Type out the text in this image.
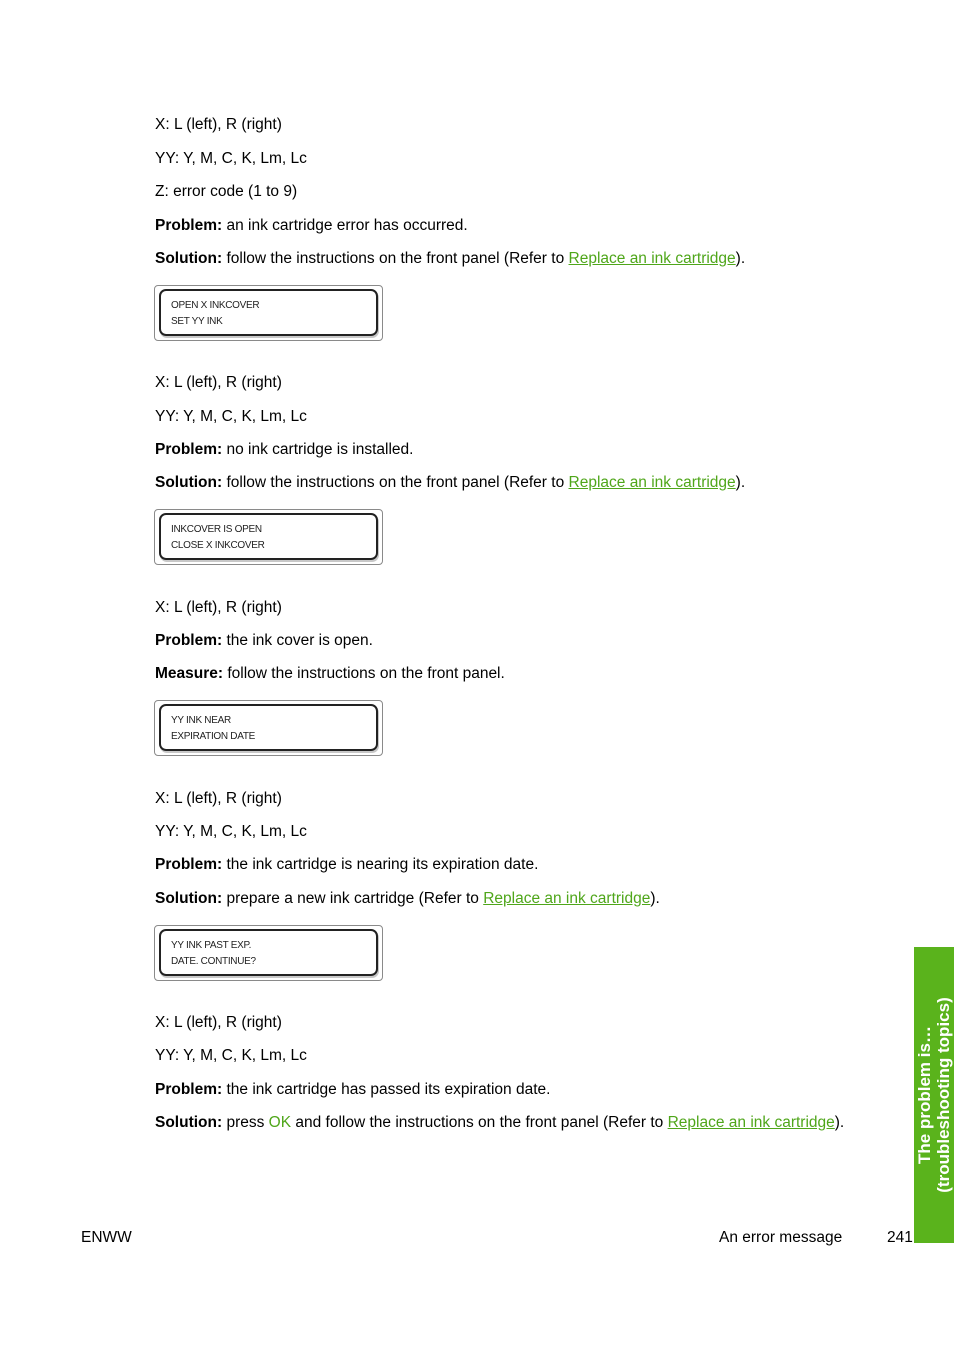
X: L (left), R (right)
YY: Y, M, C, K, Lm, Lc
Z: error code (1 to 9)
Problem: an ink cartridge error has occurred.
Solution: follow the instructions on the front panel (Refer to Replace an ink cartridge).
OPEN X INKCOVER
SET YY INK
X: L (left), R (right)
YY: Y, M, C, K, Lm, Lc
Problem: no ink cartridge is installed.
Solution: follow the instructions on the front panel (Refer to Replace an ink cartridge).
INKCOVER IS OPEN
CLOSE X INKCOVER
X: L (left), R (right)
Problem: the ink cover is open.
Measure: follow the instructions on the front panel.
YY INK NEAR
EXPIRATION DATE
X: L (left), R (right)
YY: Y, M, C, K, Lm, Lc
Problem: the ink cartridge is nearing its expiration date.
Solution: prepare a new ink cartridge (Refer to Replace an ink cartridge).
YY INK PAST EXP.
DATE. CONTINUE?
X: L (left), R (right)
YY: Y, M, C, K, Lm, Lc
Problem: the ink cartridge has passed its expiration date.
Solution: press OK and follow the instructions on the front panel (Refer to Replace an ink cartridge).	The problem is… (troubleshooting topics)
ENWW	An error message	241
